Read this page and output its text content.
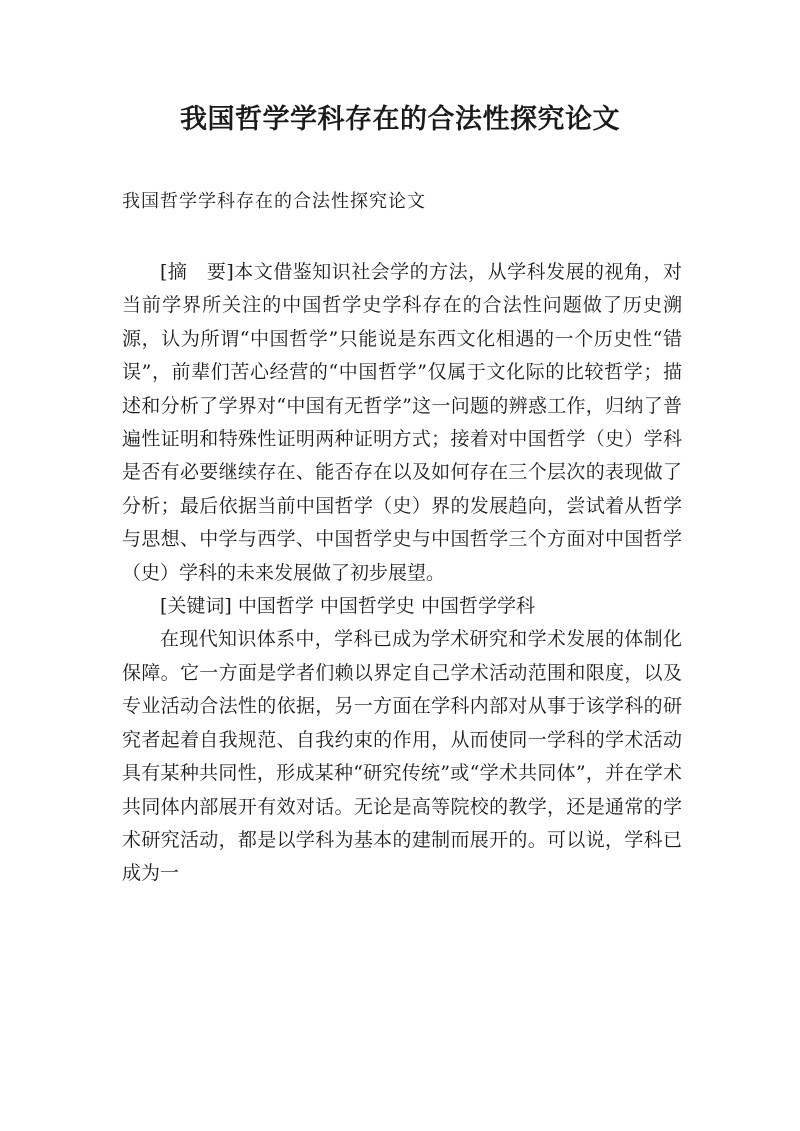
我国哲学学科存在的合法性探究论文
我国哲学学科存在的合法性探究论文

[摘　要]本文借鉴知识社会学的方法，从学科发展的视角，对当前学界所关注的中国哲学史学科存在的合法性问题做了历史溯源，认为所谓“中国哲学”只能说是东西文化相遇的一个历史性“错误”，前辈们苦心经营的“中国哲学”仅属于文化际的比较哲学；描述和分析了学界对“中国有无哲学”这一问题的辨惑工作，归纳了普遍性证明和特殊性证明两种证明方式；接着对中国哲学（史）学科是否有必要继续存在、能否存在以及如何存在三个层次的表现做了分析；最后依据当前中国哲学（史）界的发展趋向，尝试着从哲学与思想、中学与西学、中国哲学史与中国哲学三个方面对中国哲学（史）学科的未来发展做了初步展望。

[关键词] 中国哲学 中国哲学史 中国哲学学科

在现代知识体系中，学科已成为学术研究和学术发展的体制化保障。它一方面是学者们赖以界定自己学术活动范围和限度，以及专业活动合法性的依据，另一方面在学科内部对从事于该学科的研究者起着自我规范、自我约束的作用，从而使同一学科的学术活动具有某种共同性，形成某种“研究传统”或“学术共同体”，并在学术共同体内部展开有效对话。无论是高等院校的教学，还是通常的学术研究活动，都是以学科为基本的建制而展开的。可以说，学科已成为一
